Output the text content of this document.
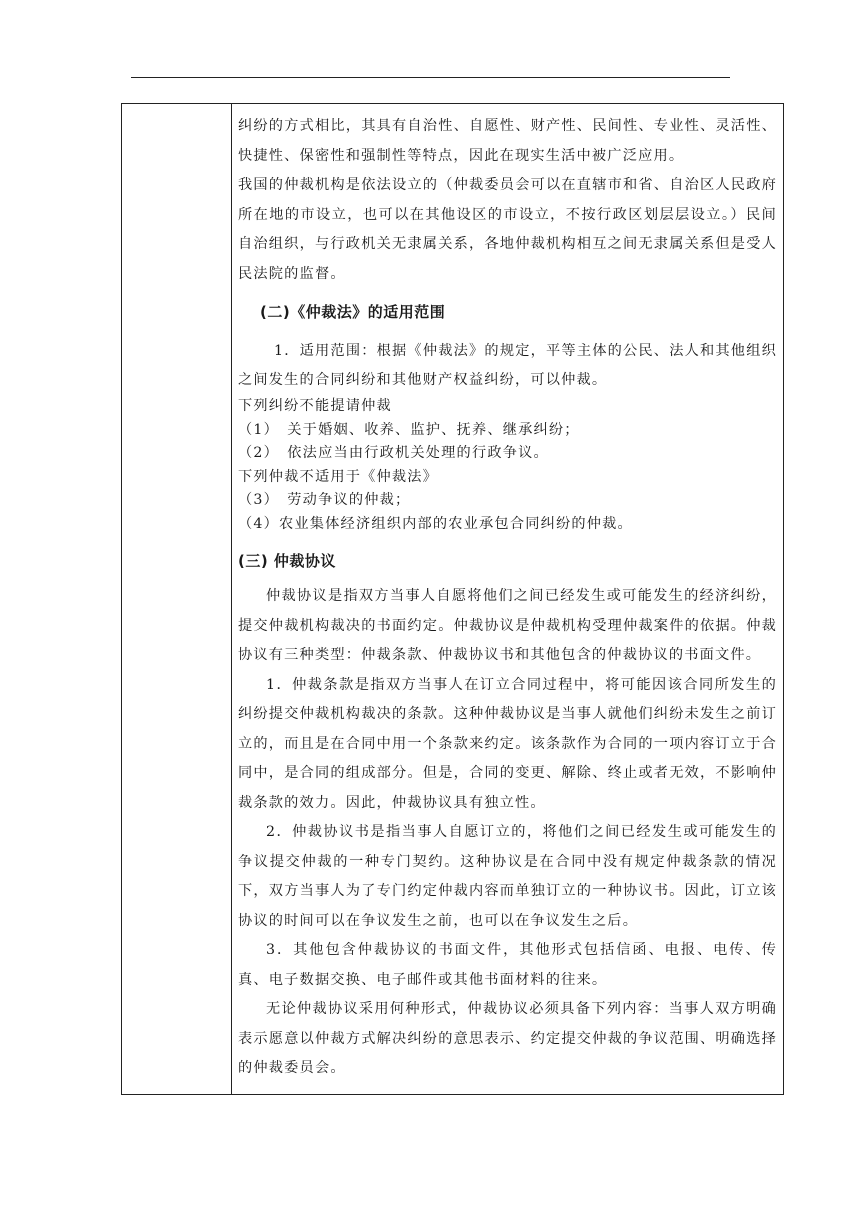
纠纷的方式相比，其具有自治性、自愿性、财产性、民间性、专业性、灵活性、快捷性、保密性和强制性等特点，因此在现实生活中被广泛应用。

我国的仲裁机构是依法设立的（仲裁委员会可以在直辖市和省、自治区人民政府所在地的市设立，也可以在其他设区的市设立，不按行政区划层层设立。）民间自治组织，与行政机关无隶属关系，各地仲裁机构相互之间无隶属关系但是受人民法院的监督。

(二)《仲裁法》的适用范围

1．适用范围：根据《仲裁法》的规定，平等主体的公民、法人和其他组织之间发生的合同纠纷和其他财产权益纠纷，可以仲裁。

下列纠纷不能提请仲裁

（1）　关于婚姻、收养、监护、抚养、继承纠纷；

（2）　依法应当由行政机关处理的行政争议。

下列仲裁不适用于《仲裁法》

（3）　劳动争议的仲裁；

（4）农业集体经济组织内部的农业承包合同纠纷的仲裁。

(三) 仲裁协议

仲裁协议是指双方当事人自愿将他们之间已经发生或可能发生的经济纠纷，提交仲裁机构裁决的书面约定。仲裁协议是仲裁机构受理仲裁案件的依据。仲裁协议有三种类型：仲裁条款、仲裁协议书和其他包含的仲裁协议的书面文件。

1．仲裁条款是指双方当事人在订立合同过程中，将可能因该合同所发生的纠纷提交仲裁机构裁决的条款。这种仲裁协议是当事人就他们纠纷未发生之前订立的，而且是在合同中用一个条款来约定。该条款作为合同的一项内容订立于合同中，是合同的组成部分。但是，合同的变更、解除、终止或者无效，不影响仲裁条款的效力。因此，仲裁协议具有独立性。

2．仲裁协议书是指当事人自愿订立的，将他们之间已经发生或可能发生的争议提交仲裁的一种专门契约。这种协议是在合同中没有规定仲裁条款的情况下，双方当事人为了专门约定仲裁内容而单独订立的一种协议书。因此，订立该协议的时间可以在争议发生之前，也可以在争议发生之后。

3．其他包含仲裁协议的书面文件，其他形式包括信函、电报、电传、传真、电子数据交换、电子邮件或其他书面材料的往来。

无论仲裁协议采用何种形式，仲裁协议必须具备下列内容：当事人双方明确表示愿意以仲裁方式解决纠纷的意思表示、约定提交仲裁的争议范围、明确选择的仲裁委员会。
